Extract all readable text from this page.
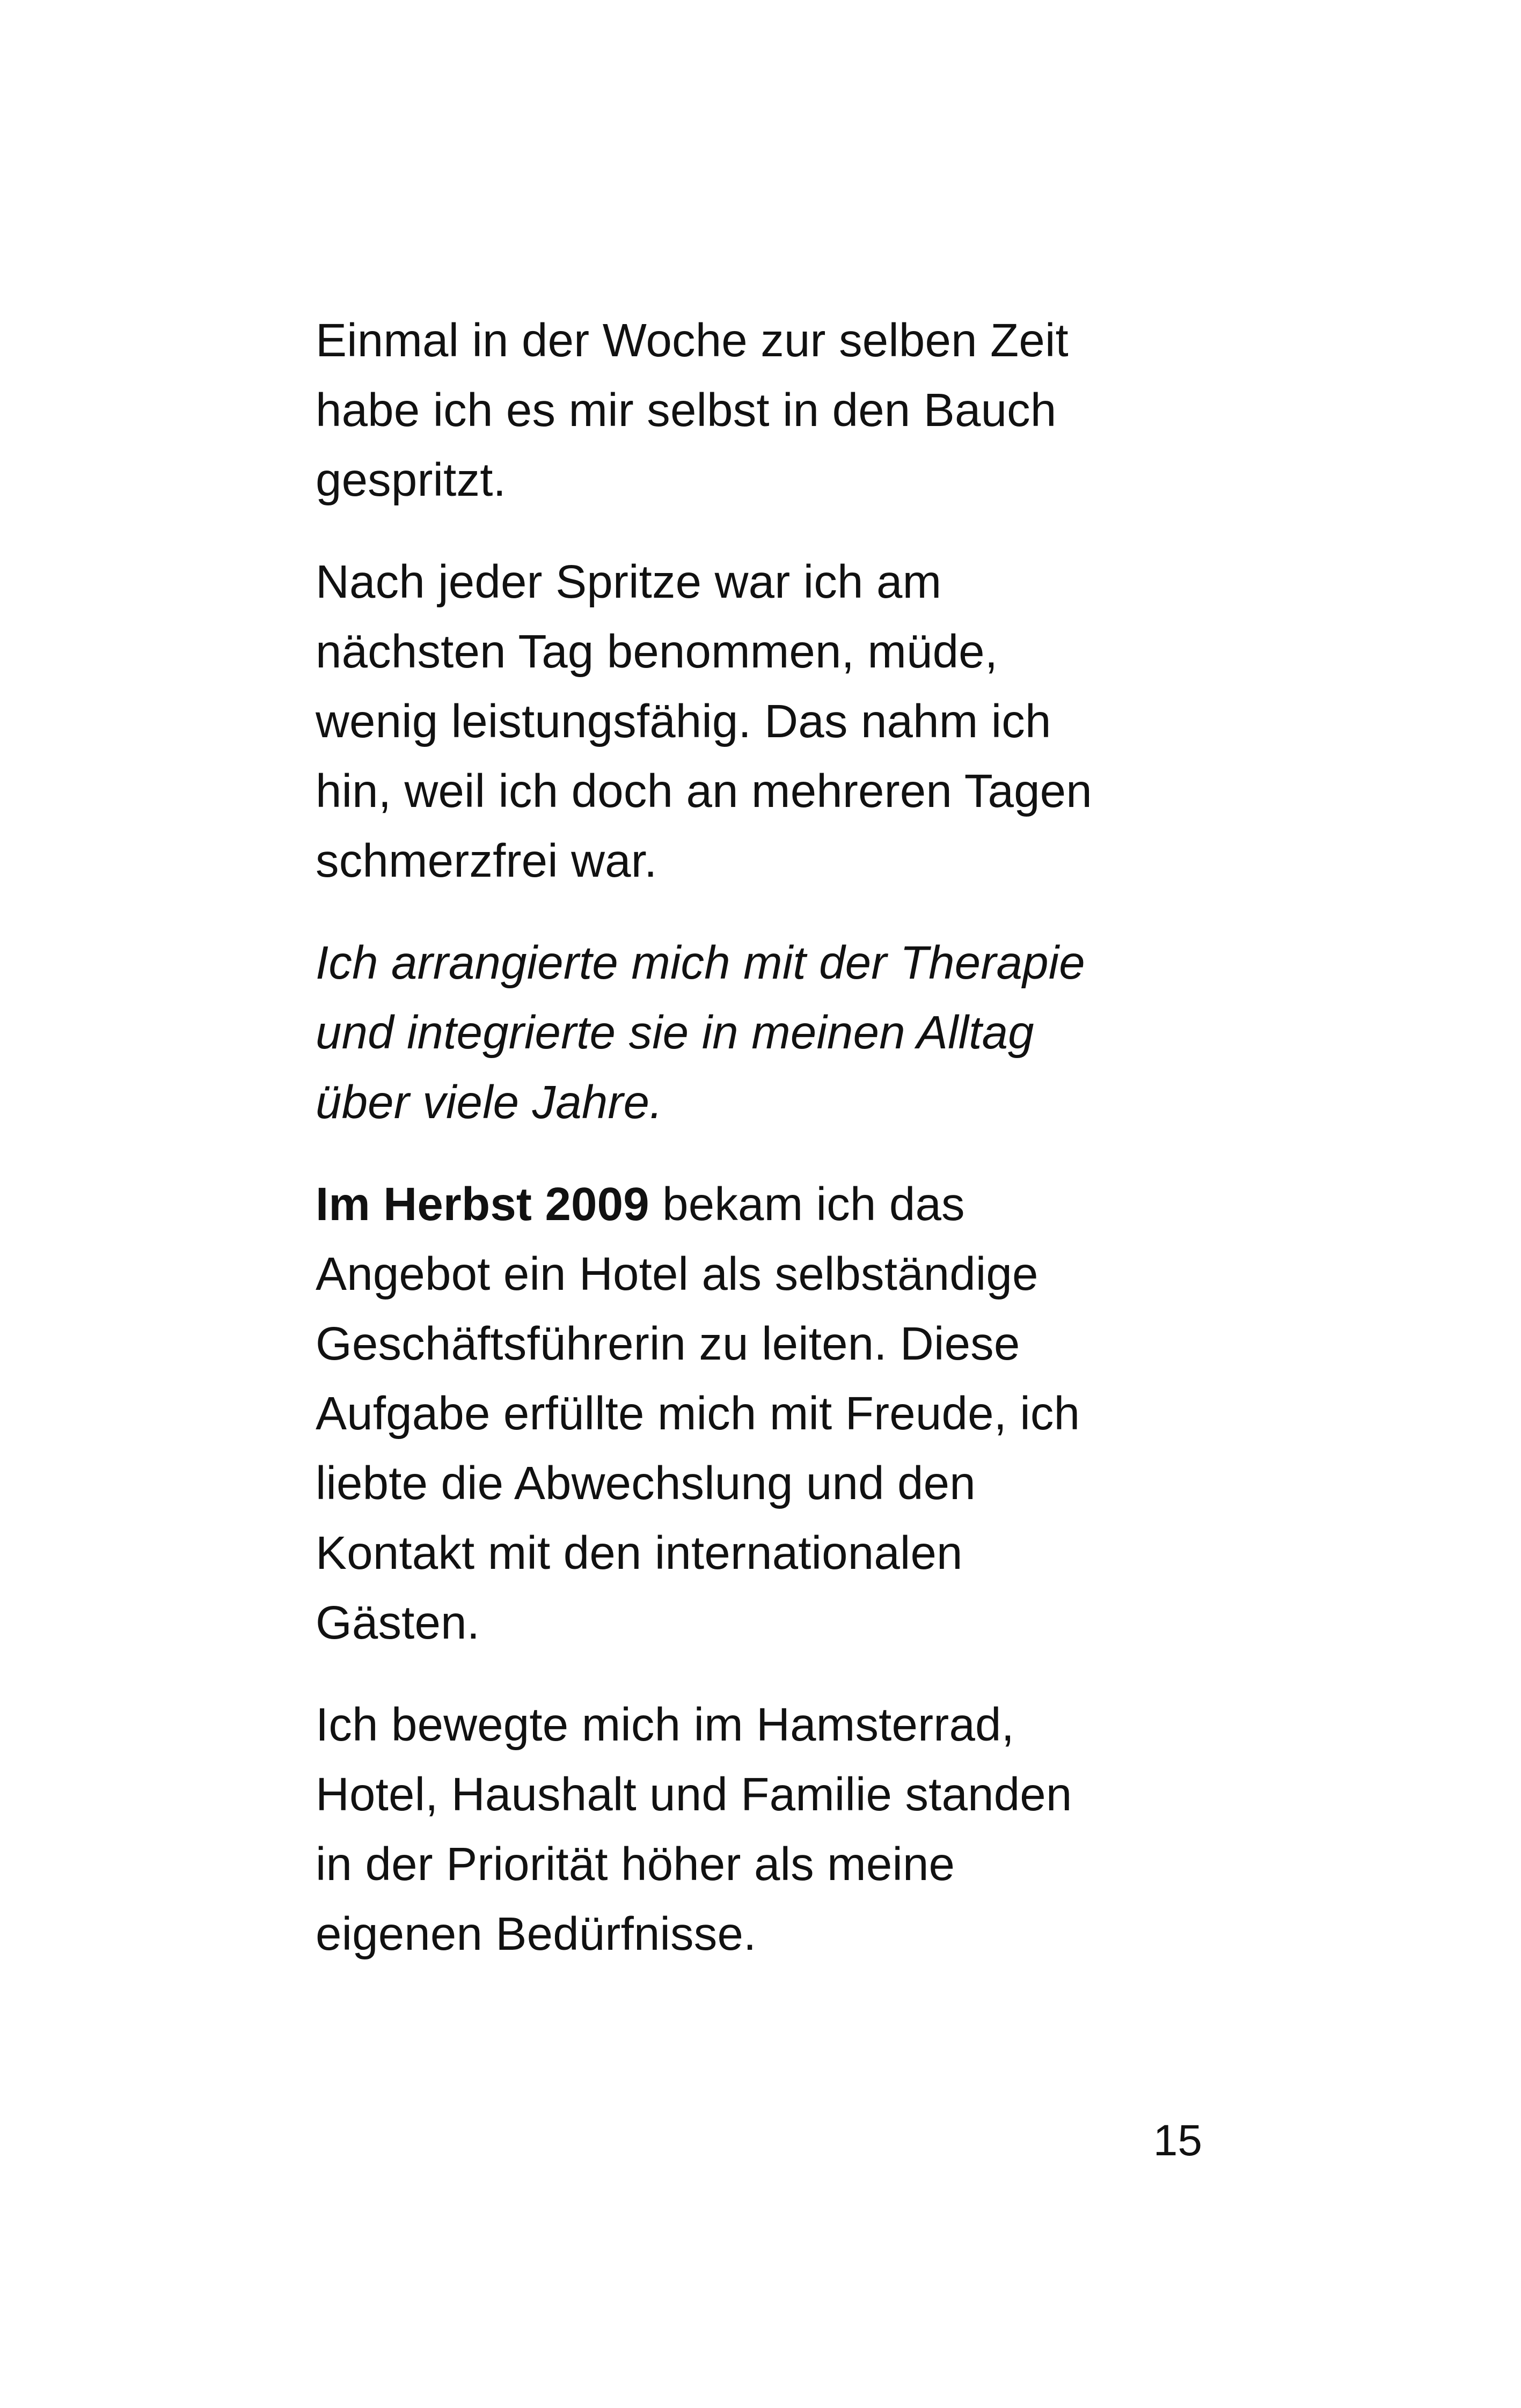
Einmal in der Woche zur selben Zeit
habe ich es mir selbst in den Bauch
gespritzt.

Nach jeder Spritze war ich am
nächsten Tag benommen, müde,
wenig leistungsfähig. Das nahm ich
hin, weil ich doch an mehreren Tagen
schmerzfrei war.

Ich arrangierte mich mit der Therapie
und integrierte sie in meinen Alltag
über viele Jahre.

Im Herbst 2009 bekam ich das
Angebot ein Hotel als selbständige
Geschäftsführerin zu leiten. Diese
Aufgabe erfüllte mich mit Freude, ich
liebte die Abwechslung und den
Kontakt mit den internationalen
Gästen.

Ich bewegte mich im Hamsterrad,
Hotel, Haushalt und Familie standen
in der Priorität höher als meine
eigenen Bedürfnisse.

15
